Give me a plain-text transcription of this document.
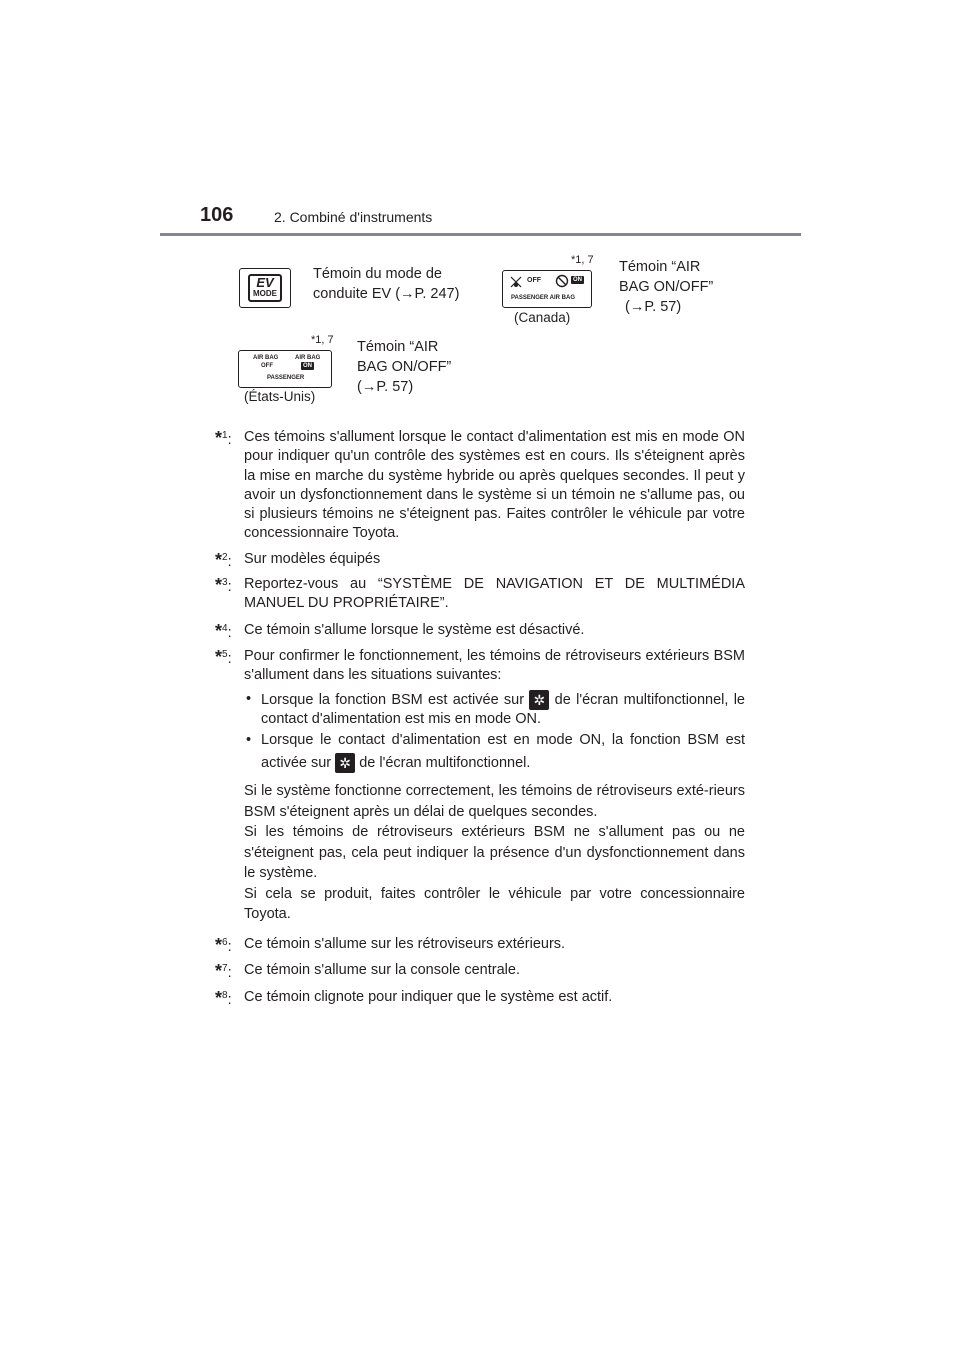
106	2. Combiné d'instruments
EV
MODE
Témoin du mode de
conduite EV (→P. 247)
*1, 7
OFF	ON
PASSENGER AIR BAG
(Canada)
Témoin “AIR
BAG ON/OFF”
(→P. 57)
*1, 7
AIR BAG
OFF
AIR BAG
ON
PASSENGER
(États-Unis)
Témoin “AIR
BAG ON/OFF”
(→P. 57)
*$^1$: Ces témoins s'allument lorsque le contact d'alimentation est mis en mode ON pour indiquer qu'un contrôle des systèmes est en cours. Ils s'éteignent après la mise en marche du système hybride ou après quelques secondes. Il peut y avoir un dysfonctionnement dans le système si un témoin ne s'allume pas, ou si plusieurs témoins ne s'éteignent pas. Faites contrôler le véhicule par votre concessionnaire Toyota.
*$^2$: Sur modèles équipés
*$^3$: Reportez-vous au “SYSTÈME DE NAVIGATION ET DE MULTIMÉDIA MANUEL DU PROPRIÉTAIRE”.
*$^4$: Ce témoin s'allume lorsque le système est désactivé.
*$^5$: Pour confirmer le fonctionnement, les témoins de rétroviseurs extérieurs BSM s'allument dans les situations suivantes:
• Lorsque la fonction BSM est activée sur ✲ de l'écran multifonctionnel, le contact d'alimentation est mis en mode ON.
• Lorsque le contact d'alimentation est en mode ON, la fonction BSM est activée sur ✲ de l'écran multifonctionnel.
Si le système fonctionne correctement, les témoins de rétroviseurs exté-rieurs BSM s'éteignent après un délai de quelques secondes.
Si les témoins de rétroviseurs extérieurs BSM ne s'allument pas ou ne s'éteignent pas, cela peut indiquer la présence d'un dysfonctionnement dans le système.
Si cela se produit, faites contrôler le véhicule par votre concessionnaire Toyota.
*$^6$: Ce témoin s'allume sur les rétroviseurs extérieurs.
*$^7$: Ce témoin s'allume sur la console centrale.
*$^8$: Ce témoin clignote pour indiquer que le système est actif.
